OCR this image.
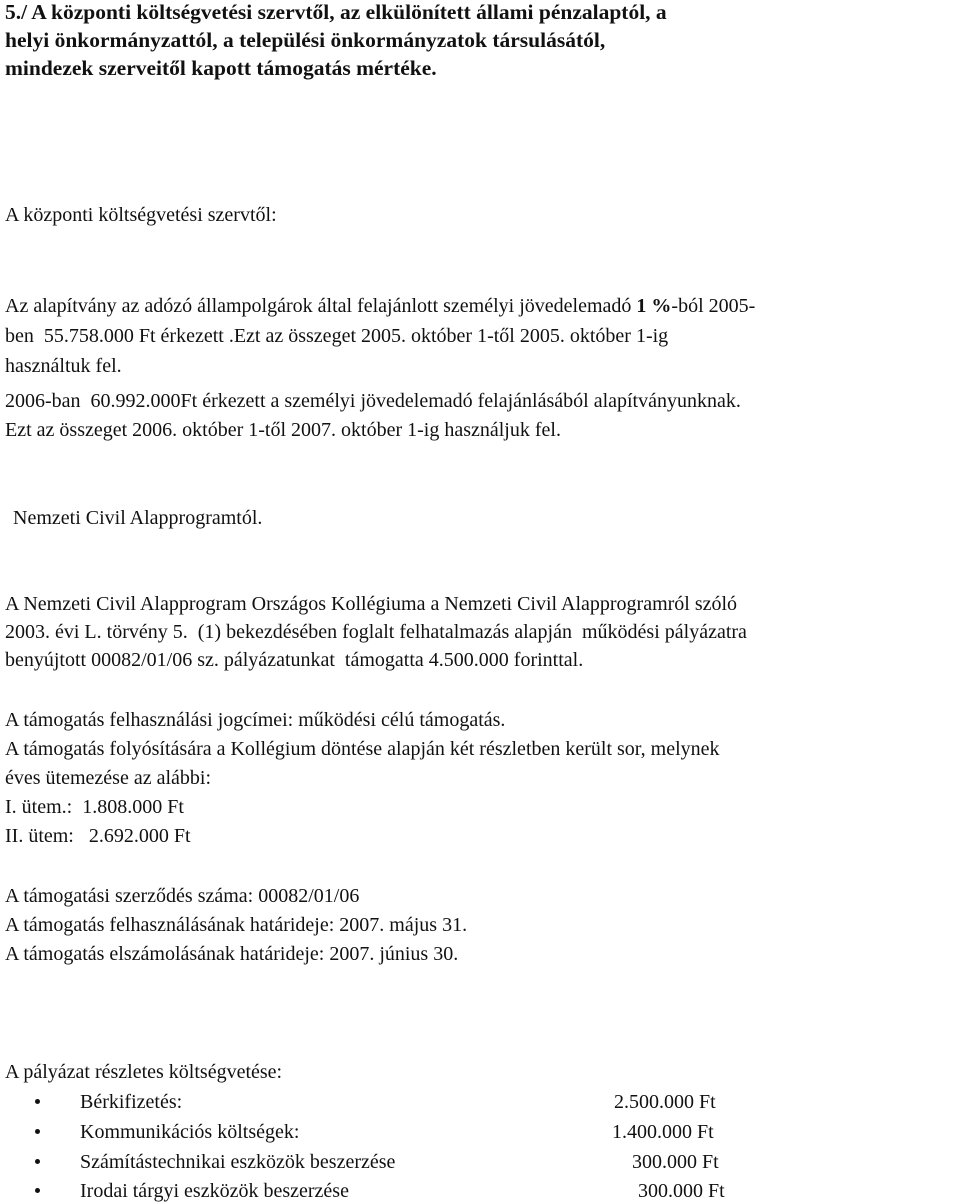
5./ A központi költségvetési szervtől, az elkülönített állami pénzalaptól, a
helyi önkormányzattól, a települési önkormányzatok társulásától,
mindezek szerveitől kapott támogatás mértéke.
A központi költségvetési szervtől:
Az alapítvány az adózó állampolgárok által felajánlott személyi jövedelemadó 1 %-ból 2005-
ben  55.758.000 Ft érkezett .Ezt az összeget 2005. október 1-től 2005. október 1-ig
használtuk fel.
2006-ban  60.992.000Ft érkezett a személyi jövedelemadó felajánlásából alapítványunknak.
Ezt az összeget 2006. október 1-től 2007. október 1-ig használjuk fel.
Nemzeti Civil Alapprogramtól.
A Nemzeti Civil Alapprogram Országos Kollégiuma a Nemzeti Civil Alapprogramról szóló
2003. évi L. törvény 5.  (1) bekezdésében foglalt felhatalmazás alapján  működési pályázatra
benyújtott 00082/01/06 sz. pályázatunkat  támogatta 4.500.000 forinttal.
A támogatás felhasználási jogcímei: működési célú támogatás.
A támogatás folyósítására a Kollégium döntése alapján két részletben került sor, melynek
éves ütemezése az alábbi:
I. ütem.:  1.808.000 Ft
II. ütem:   2.692.000 Ft
A támogatási szerződés száma: 00082/01/06
A támogatás felhasználásának határideje: 2007. május 31.
A támogatás elszámolásának határideje: 2007. június 30.
A pályázat részletes költségvetése:
Bérkifizetés:	2.500.000 Ft
Kommunikációs költségek:	1.400.000 Ft
Számítástechnikai eszközök beszerzése	300.000 Ft
Irodai tárgyi eszközök beszerzése	300.000 Ft
